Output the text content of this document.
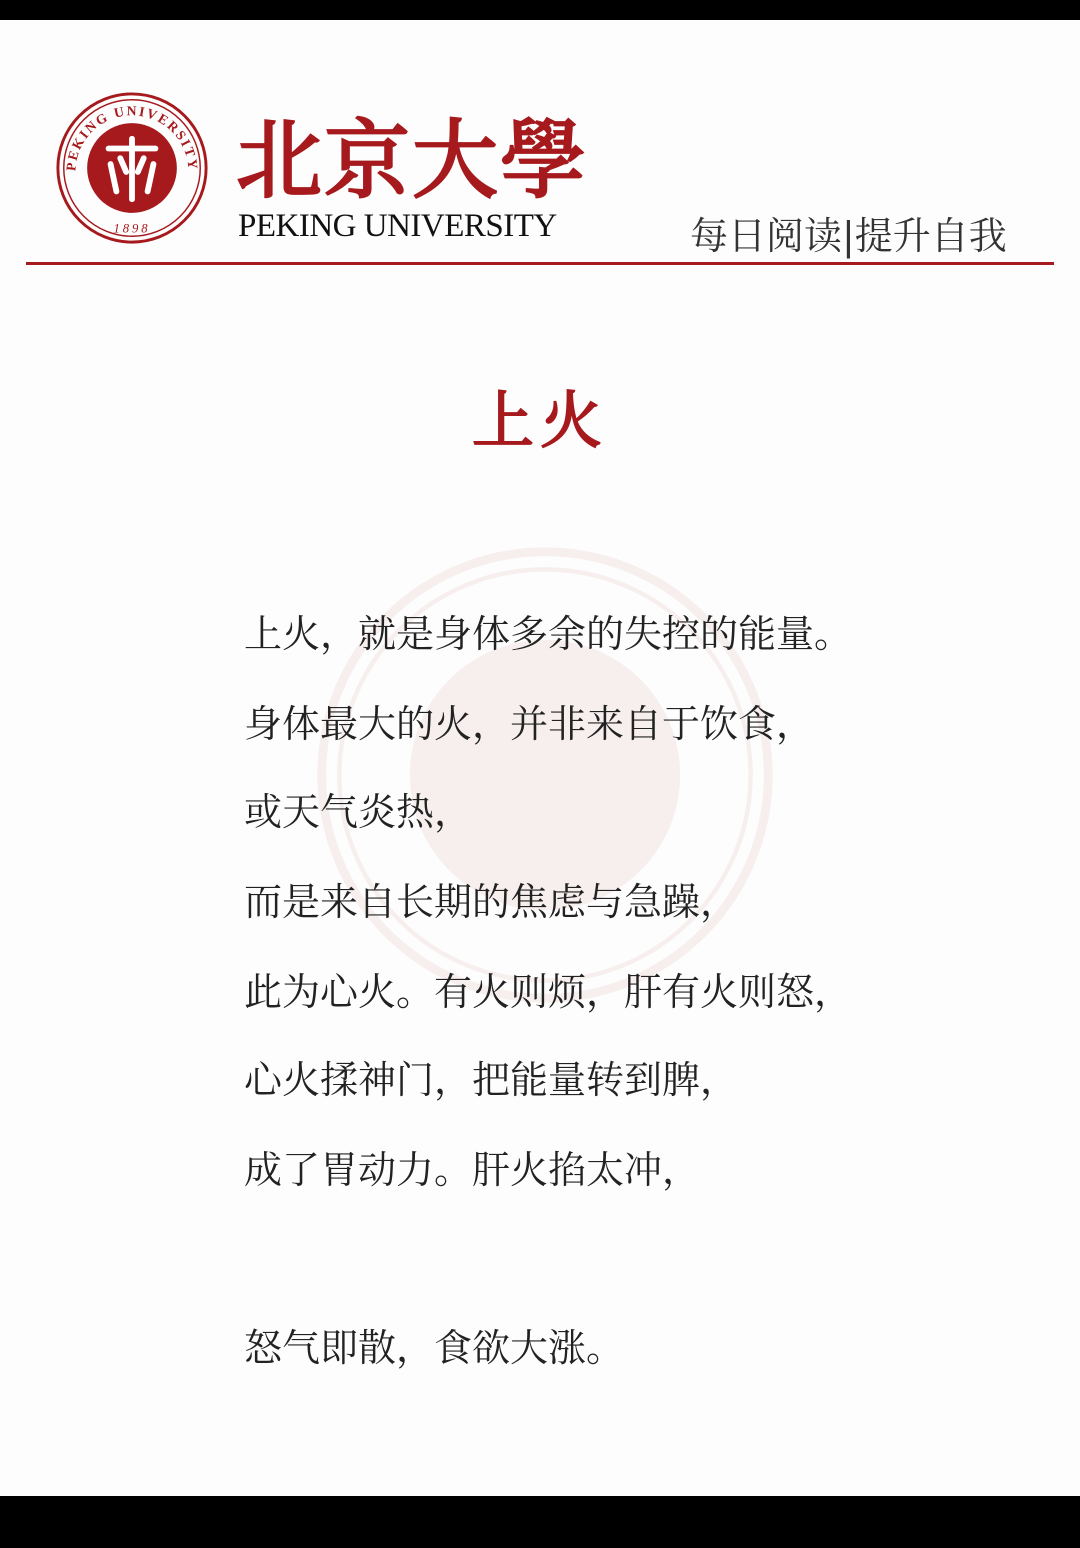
PEKING UNIVERSITY
1898
北京大學
PEKING UNIVERSITY	每日阅读|提升自我
上火
上火，就是身体多余的失控的能量。
身体最大的火，并非来自于饮食，
或天气炎热，
而是来自长期的焦虑与急躁，
此为心火。有火则烦，肝有火则怒，
心火揉神门，把能量转到脾，
成了胃动力。肝火掐太冲，
怒气即散，食欲大涨。
